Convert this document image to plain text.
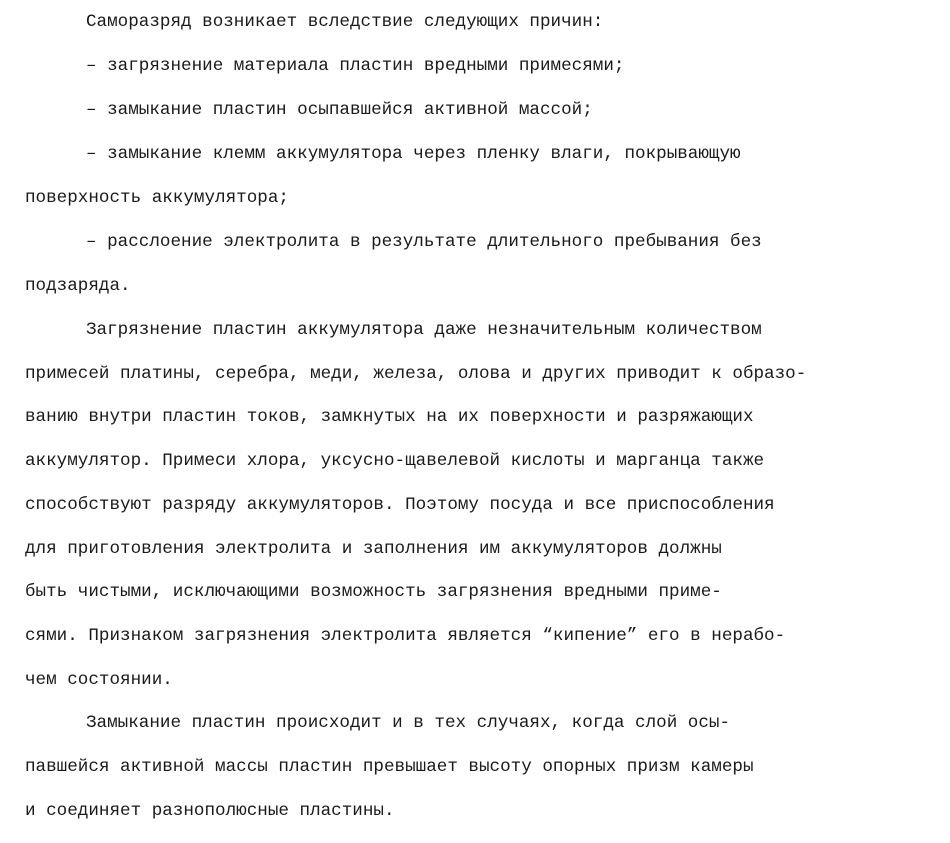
Саморазряд возникает вследствие следующих причин:
– загрязнение материала пластин вредными примесями;
– замыкание пластин осыпавшейся активной массой;
– замыкание клемм аккумулятора через пленку влаги, покрывающую
поверхность аккумулятора;
– расслоение электролита в результате длительного пребывания без
подзаряда.
Загрязнение пластин аккумулятора даже незначительным количеством
примесей платины, серебра, меди, железа, олова и других приводит к образо-
ванию внутри пластин токов, замкнутых на их поверхности и разряжающих
аккумулятор. Примеси хлора, уксусно-щавелевой кислоты и марганца также
способствуют разряду аккумуляторов. Поэтому посуда и все приспособления
для приготовления электролита и заполнения им аккумуляторов должны
быть чистыми, исключающими возможность загрязнения вредными приме-
сями. Признаком загрязнения электролита является “кипение” его в нерабо-
чем состоянии.
Замыкание пластин происходит и в тех случаях, когда слой осы-
павшейся активной массы пластин превышает высоту опорных призм камеры
и соединяет разнополюсные пластины.
